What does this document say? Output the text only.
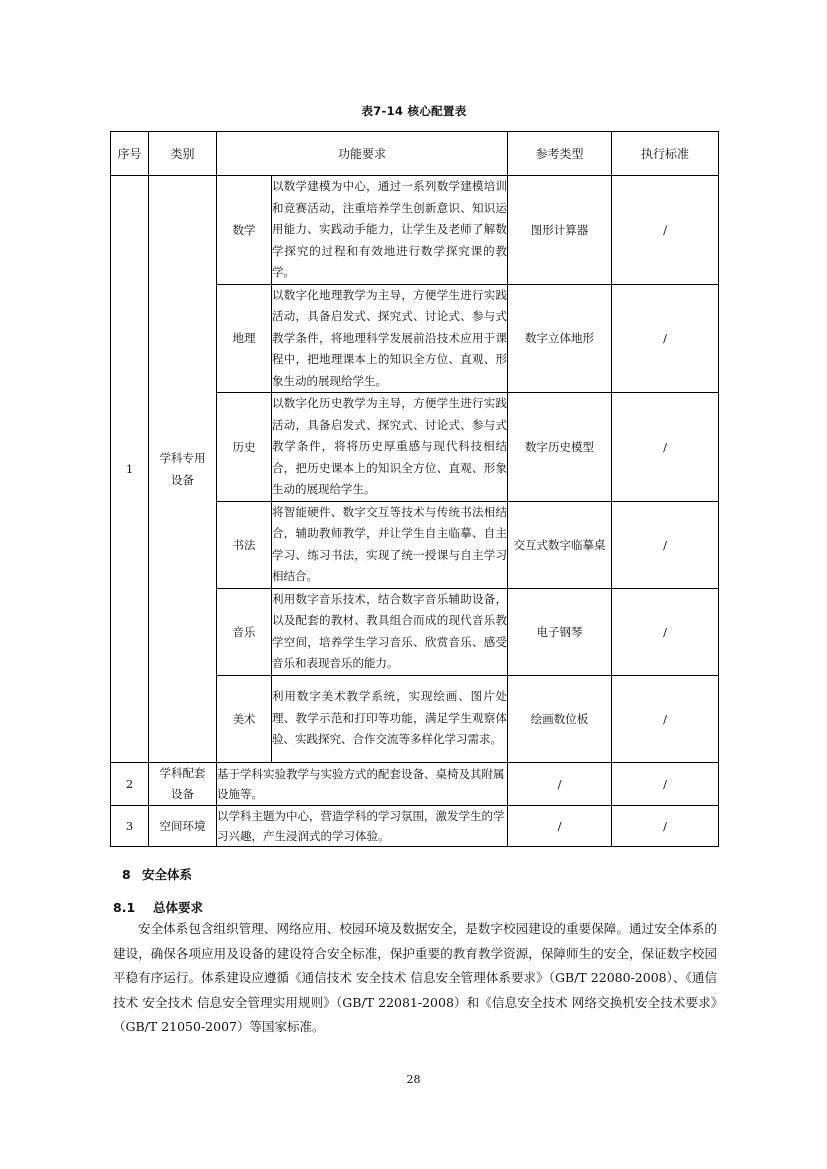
表7-14 核心配置表
序号	类别	功能要求		参考类型	执行标准
1	学科专用设备	数学	以数学建模为中心，通过一系列数学建模培训和竞赛活动，注重培养学生创新意识、知识运用能力、实践动手能力，让学生及老师了解数学探究的过程和有效地进行数学探究课的教学。	图形计算器	/
		地理	以数字化地理教学为主导，方便学生进行实践活动，具备启发式、探究式、讨论式、参与式教学条件，将地理科学发展前沿技术应用于课程中，把地理课本上的知识全方位、直观、形象生动的展现给学生。	数字立体地形	/
		历史	以数字化历史教学为主导，方便学生进行实践活动，具备启发式、探究式、讨论式、参与式教学条件，将将历史厚重感与现代科技相结合，把历史课本上的知识全方位、直观、形象生动的展现给学生。	数字历史模型	/
		书法	将智能硬件、数字交互等技术与传统书法相结合，辅助教师教学，并让学生自主临摹、自主学习、练习书法，实现了统一授课与自主学习相结合。	交互式数字临摹桌	/
		音乐	利用数字音乐技术，结合数字音乐辅助设备，以及配套的教材、教具组合而成的现代音乐教学空间，培养学生学习音乐、欣赏音乐、感受音乐和表现音乐的能力。	电子钢琴	/
		美术	利用数字美术教学系统，实现绘画、图片处理、教学示范和打印等功能，满足学生观察体验、实践探究、合作交流等多样化学习需求。	绘画数位板	/
2	学科配套设备	基于学科实验教学与实验方式的配套设备、桌椅及其附属设施等。		/	/
3	空间环境	以学科主题为中心，营造学科的学习氛围，激发学生的学习兴趣，产生浸润式的学习体验。		/	/
8 安全体系
8.1 总体要求
安全体系包含组织管理、网络应用、校园环境及数据安全，是数字校园建设的重要保障。通过安全体系的建设，确保各项应用及设备的建设符合安全标准，保护重要的教育教学资源，保障师生的安全，保证数字校园平稳有序运行。体系建设应遵循《通信技术 安全技术 信息安全管理体系要求》（GB/T 22080-2008）、《通信技术 安全技术 信息安全管理实用规则》（GB/T 22081-2008）和《信息安全技术 网络交换机安全技术要求》（GB/T 21050-2007）等国家标准。
28
